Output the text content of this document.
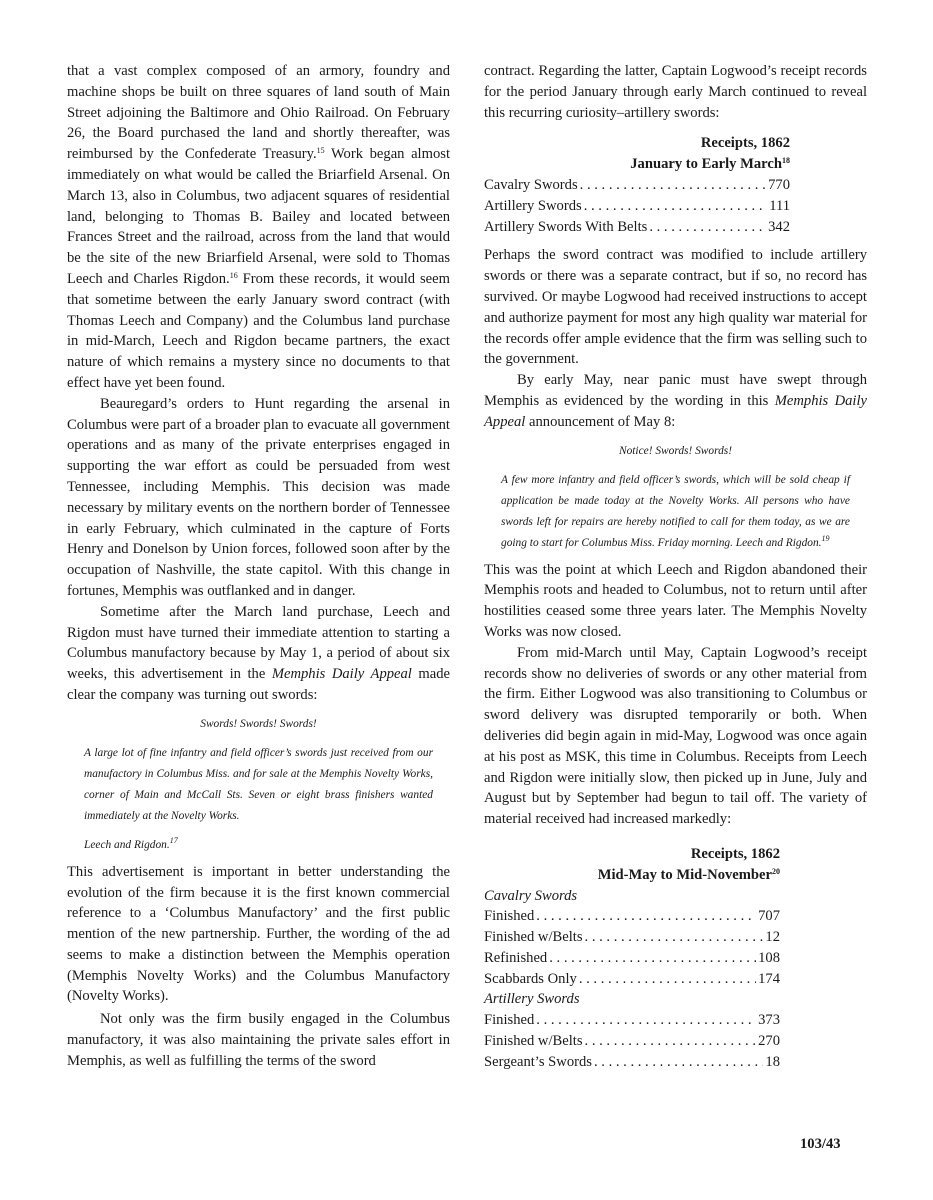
that a vast complex composed of an armory, foundry and machine shops be built on three squares of land south of Main Street adjoining the Baltimore and Ohio Railroad. On February 26, the Board purchased the land and shortly thereafter, was reimbursed by the Confederate Treasury.$^{15}$ Work began almost immediately on what would be called the Briarfield Arsenal. On March 13, also in Columbus, two adjacent squares of residential land, belonging to Thomas B. Bailey and located between Frances Street and the railroad, across from the land that would be the site of the new Briarfield Arsenal, were sold to Thomas Leech and Charles Rigdon.$^{16}$ From these records, it would seem that sometime between the early January sword contract (with Thomas Leech and Company) and the Columbus land purchase in mid-March, Leech and Rigdon became partners, the exact nature of which remains a mystery since no documents to that effect have yet been found.

Beauregard’s orders to Hunt regarding the arsenal in Columbus were part of a broader plan to evacuate all government operations and as many of the private enterprises engaged in supporting the war effort as could be persuaded from west Tennessee, including Memphis. This decision was made necessary by military events on the northern border of Tennessee in early February, which culminated in the capture of Forts Henry and Donelson by Union forces, followed soon after by the occupation of Nashville, the state capitol. With this change in fortunes, Memphis was outflanked and in danger.

Sometime after the March land purchase, Leech and Rigdon must have turned their immediate attention to starting a Columbus manufactory because by May 1, a period of about six weeks, this advertisement in the Memphis Daily Appeal made clear the company was turning out swords:

Swords! Swords! Swords!
A large lot of fine infantry and field officer’s swords just received from our manufactory in Columbus Miss. and for sale at the Memphis Novelty Works, corner of Main and McCall Sts. Seven or eight brass finishers wanted immediately at the Novelty Works.
Leech and Rigdon.$^{17}$

This advertisement is important in better understanding the evolution of the firm because it is the first known commercial reference to a ‘Columbus Manufactory’ and the first public mention of the new partnership. Further, the wording of the ad seems to make a distinction between the Memphis operation (Memphis Novelty Works) and the Columbus Manufactory (Novelty Works).

Not only was the firm busily engaged in the Columbus manufactory, it was also maintaining the private sales effort in Memphis, as well as fulfilling the terms of the sword

contract. Regarding the latter, Captain Logwood’s receipt records for the period January through early March continued to reveal this recurring curiosity–artillery swords:

Receipts, 1862
January to Early March$^{18}$
Cavalry Swords . . .	770
Artillery Swords . . .	111
Artillery Swords With Belts . . .	342

Perhaps the sword contract was modified to include artillery swords or there was a separate contract, but if so, no record has survived. Or maybe Logwood had received instructions to accept and authorize payment for most any high quality war material for the records offer ample evidence that the firm was selling such to the government.

By early May, near panic must have swept through Memphis as evidenced by the wording in this Memphis Daily Appeal announcement of May 8:

Notice! Swords! Swords!
A few more infantry and field officer’s swords, which will be sold cheap if application be made today at the Novelty Works. All persons who have swords left for repairs are hereby notified to call for them today, as we are going to start for Columbus Miss. Friday morning. Leech and Rigdon.$^{19}$

This was the point at which Leech and Rigdon abandoned their Memphis roots and headed to Columbus, not to return until after hostilities ceased some three years later. The Memphis Novelty Works was now closed.

From mid-March until May, Captain Logwood’s receipt records show no deliveries of swords or any other material from the firm. Either Logwood was also transitioning to Columbus or sword delivery was disrupted temporarily or both. When deliveries did begin again in mid-May, Logwood was once again at his post as MSK, this time in Columbus. Receipts from Leech and Rigdon were initially slow, then picked up in June, July and August but by September had begun to tail off. The variety of material received had increased markedly:

Receipts, 1862
Mid-May to Mid-November$^{20}$
Cavalry Swords
Finished . . .	707
Finished w/Belts . . .	12
Refinished . . .	108
Scabbards Only . . .	174
Artillery Swords
Finished . . .	373
Finished w/Belts . . .	270
Sergeant’s Swords . . .	18
103/43
